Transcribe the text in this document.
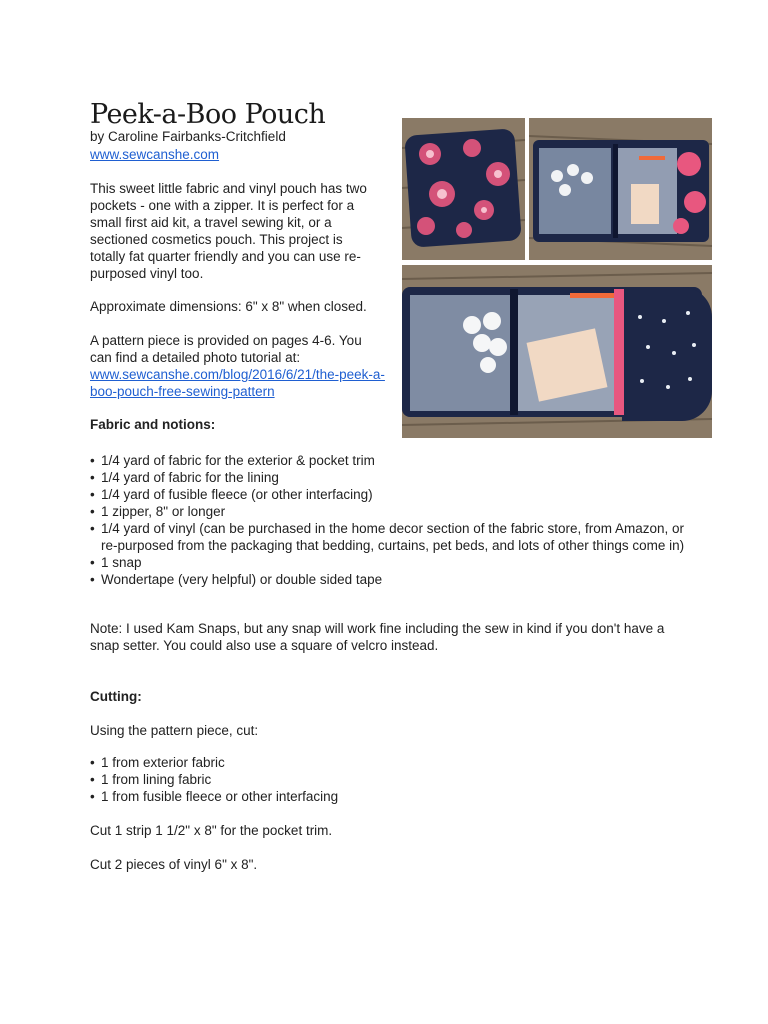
Peek-a-Boo Pouch
by Caroline Fairbanks-Critchfield
www.sewcanshe.com

This sweet little fabric and vinyl pouch has two pockets - one with a zipper. It is perfect for a small first aid kit, a travel sewing kit, or a sectioned cosmetics pouch. This project is totally fat quarter friendly and you can use re-purposed vinyl too.

Approximate dimensions: 6" x 8" when closed.

A pattern piece is provided on pages 4-6. You can find a detailed photo tutorial at:
www.sewcanshe.com/blog/2016/6/21/the-peek-a-boo-pouch-free-sewing-pattern
Fabric and notions:
• 1/4 yard of fabric for the exterior & pocket trim
• 1/4 yard of fabric for the lining
• 1/4 yard of fusible fleece (or other interfacing)
• 1 zipper, 8" or longer
• 1/4 yard of vinyl (can be purchased in the home decor section of the fabric store, from Amazon, or re-purposed from the packaging that bedding, curtains, pet beds, and lots of other things come in)
• 1 snap
• Wondertape (very helpful) or double sided tape

Note: I used Kam Snaps, but any snap will work fine including the sew in kind if you don't have a snap setter. You could also use a square of velcro instead.

Cutting:
Using the pattern piece, cut:
• 1 from exterior fabric
• 1 from lining fabric
• 1 from fusible fleece or other interfacing
Cut 1 strip 1 1/2" x 8" for the pocket trim.
Cut 2 pieces of vinyl 6" x 8".
